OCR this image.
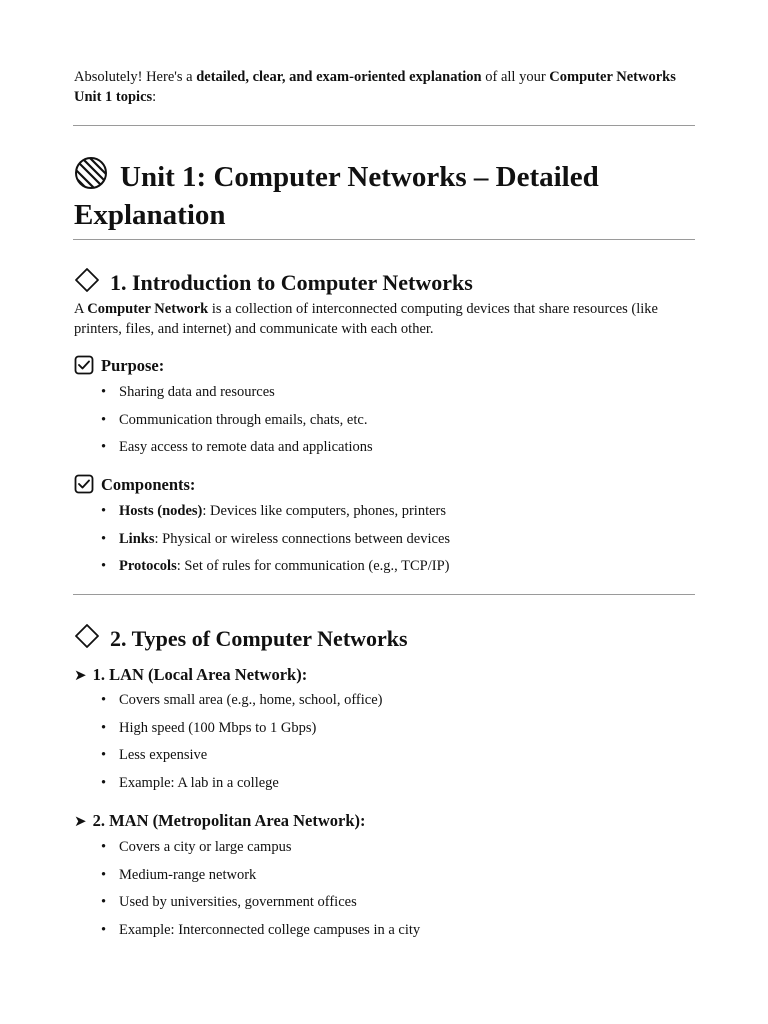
Absolutely! Here's a detailed, clear, and exam-oriented explanation of all your Computer Networks Unit 1 topics:
Unit 1: Computer Networks – Detailed Explanation
1. Introduction to Computer Networks
A Computer Network is a collection of interconnected computing devices that share resources (like printers, files, and internet) and communicate with each other.
Purpose:
• Sharing data and resources
• Communication through emails, chats, etc.
• Easy access to remote data and applications
Components:
• Hosts (nodes): Devices like computers, phones, printers
• Links: Physical or wireless connections between devices
• Protocols: Set of rules for communication (e.g., TCP/IP)
2. Types of Computer Networks
➤ 1. LAN (Local Area Network):
• Covers small area (e.g., home, school, office)
• High speed (100 Mbps to 1 Gbps)
• Less expensive
• Example: A lab in a college
➤ 2. MAN (Metropolitan Area Network):
• Covers a city or large campus
• Medium-range network
• Used by universities, government offices
• Example: Interconnected college campuses in a city
